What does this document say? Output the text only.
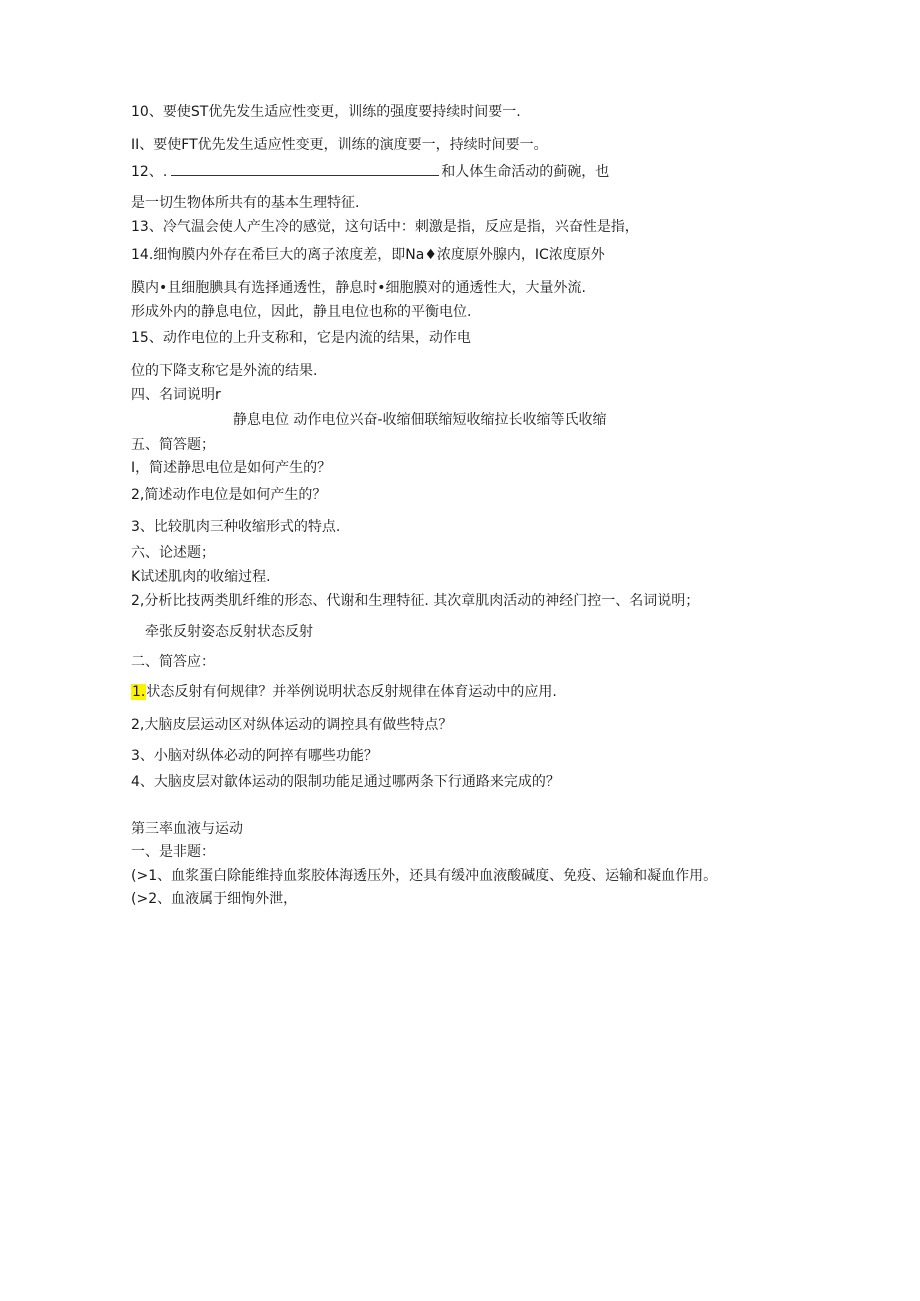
10、要使ST优先发生适应性变更，训练的强度要持续时间要一.
II、要使FT优先发生适应性变更，训练的演度要一，持续时间要一。
12、.	和人体生命活动的蓟碗，也
是一切生物体所共有的基本生理特征.
13、冷气温会使人产生冷的感觉，这句话中：刺激是指，反应是指，兴奋性是指，
14.细恂膜内外存在希巨大的离子浓度差，即Na♦浓度原外腺内，IC浓度原外
膜内•且细胞腆具有选择通透性，静息时•细胞膜对的通透性大，大量外流.
形成外内的静息电位，因此，静且电位也称的平衡电位.
15、动作电位的上升支称和，它是内流的结果，动作电
位的下降支称它是外流的结果.
四、名词说明r
静息电位 动作电位兴奋-收缩佃联缩短收缩拉长收缩等氏收缩
五、简答题；
I，简述静思电位是如何产生的？
2,简述动作电位是如何产生的？
3、比较肌肉三种收缩形式的特点.
六、论述题；
K试述肌肉的收缩过程.
2,分析比技两类肌纤维的形态、代谢和生理特征. 其次章肌肉活动的神经门控一、名词说明；
牵张反射姿态反射状态反射
二、简答应：
1.状态反射有何规律？并举例说明状态反射规律在体育运动中的应用.
2,大脑皮层运动区对纵体运动的调控具有做些特点？
3、小脑对纵体必动的阿捽有哪些功能？
4、大脑皮层对歙体运动的限制功能足通过哪两条下行通路来完成的？
第三率血液与运动
一、是非题：
(>1、血浆蛋白除能维持血浆胶体海透压外，还具有缓冲血液酸碱度、免疫、运输和凝血作用。
(>2、血液属于细恂外泄，
